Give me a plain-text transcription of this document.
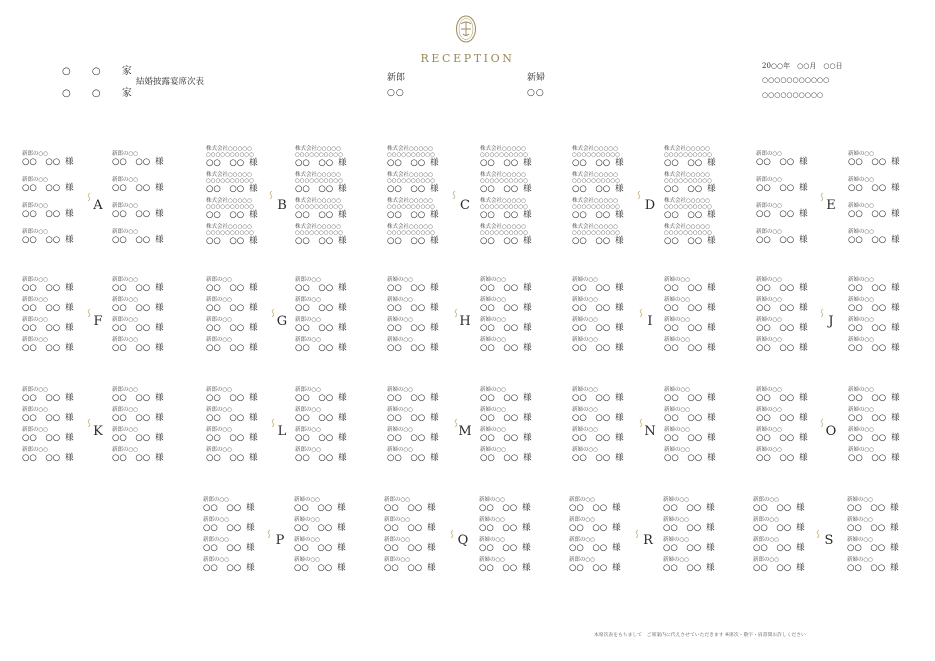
○ ○ 家
○ ○ 家
結婚披露宴席次表
RECEPTION
新郎
○○
新婦
○○
20○○年　○○月　○○日
○○○○○○○○○○○
○○○○○○○○○○
新郎の○○
○○　○○ 様
新郎の○○
○○　○○ 様
新郎の○○
○○　○○ 様
新郎の○○
○○　○○ 様
新郎の○○
○○　○○ 様
新郎の○○
○○　○○ 様
新郎の○○
○○　○○ 様
新郎の○○
○○　○○ 様
A
株式会社○○○○○
○○○○○○○○○○
○○　○○ 様
株式会社○○○○○
○○○○○○○○○○
○○　○○ 様
株式会社○○○○○
○○○○○○○○○○
○○　○○ 様
株式会社○○○○○
○○○○○○○○○○
○○　○○ 様
株式会社○○○○○
○○○○○○○○○○
○○　○○ 様
株式会社○○○○○
○○○○○○○○○○
○○　○○ 様
株式会社○○○○○
○○○○○○○○○○
○○　○○ 様
株式会社○○○○○
○○○○○○○○○○
○○　○○ 様
B
株式会社○○○○○
○○○○○○○○○○
○○　○○ 様
株式会社○○○○○
○○○○○○○○○○
○○　○○ 様
株式会社○○○○○
○○○○○○○○○○
○○　○○ 様
株式会社○○○○○
○○○○○○○○○○
○○　○○ 様
株式会社○○○○○
○○○○○○○○○○
○○　○○ 様
株式会社○○○○○
○○○○○○○○○○
○○　○○ 様
株式会社○○○○○
○○○○○○○○○○
○○　○○ 様
株式会社○○○○○
○○○○○○○○○○
○○　○○ 様
C
株式会社○○○○○
○○○○○○○○○○
○○　○○ 様
株式会社○○○○○
○○○○○○○○○○
○○　○○ 様
株式会社○○○○○
○○○○○○○○○○
○○　○○ 様
株式会社○○○○○
○○○○○○○○○○
○○　○○ 様
株式会社○○○○○
○○○○○○○○○○
○○　○○ 様
株式会社○○○○○
○○○○○○○○○○
○○　○○ 様
株式会社○○○○○
○○○○○○○○○○
○○　○○ 様
株式会社○○○○○
○○○○○○○○○○
○○　○○ 様
D
新郎の○○
○○　○○ 様
新郎の○○
○○　○○ 様
新郎の○○
○○　○○ 様
新郎の○○
○○　○○ 様
新婦の○○
○○　○○ 様
新婦の○○
○○　○○ 様
新婦の○○
○○　○○ 様
新婦の○○
○○　○○ 様
E
新郎の○○
○○　○○ 様
新郎の○○
○○　○○ 様
新郎の○○
○○　○○ 様
新郎の○○
○○　○○ 様
新郎の○○
○○　○○ 様
新郎の○○
○○　○○ 様
新郎の○○
○○　○○ 様
新郎の○○
○○　○○ 様
F
新郎の○○
○○　○○ 様
新郎の○○
○○　○○ 様
新郎の○○
○○　○○ 様
新郎の○○
○○　○○ 様
新郎の○○
○○　○○ 様
新郎の○○
○○　○○ 様
新郎の○○
○○　○○ 様
新郎の○○
○○　○○ 様
G
新婦の○○
○○　○○ 様
新婦の○○
○○　○○ 様
新婦の○○
○○　○○ 様
新婦の○○
○○　○○ 様
新婦の○○
○○　○○ 様
新婦の○○
○○　○○ 様
新婦の○○
○○　○○ 様
新婦の○○
○○　○○ 様
H
新婦の○○
○○　○○ 様
新婦の○○
○○　○○ 様
新婦の○○
○○　○○ 様
新婦の○○
○○　○○ 様
新婦の○○
○○　○○ 様
新婦の○○
○○　○○ 様
新婦の○○
○○　○○ 様
新婦の○○
○○　○○ 様
I
新婦の○○
○○　○○ 様
新婦の○○
○○　○○ 様
新婦の○○
○○　○○ 様
新婦の○○
○○　○○ 様
新婦の○○
○○　○○ 様
新婦の○○
○○　○○ 様
新婦の○○
○○　○○ 様
新婦の○○
○○　○○ 様
J
新郎の○○
○○　○○ 様
新郎の○○
○○　○○ 様
新郎の○○
○○　○○ 様
新郎の○○
○○　○○ 様
新郎の○○
○○　○○ 様
新郎の○○
○○　○○ 様
新郎の○○
○○　○○ 様
新郎の○○
○○　○○ 様
K
新郎の○○
○○　○○ 様
新郎の○○
○○　○○ 様
新郎の○○
○○　○○ 様
新郎の○○
○○　○○ 様
新郎の○○
○○　○○ 様
新郎の○○
○○　○○ 様
新郎の○○
○○　○○ 様
新郎の○○
○○　○○ 様
L
新婦の○○
○○　○○ 様
新婦の○○
○○　○○ 様
新婦の○○
○○　○○ 様
新婦の○○
○○　○○ 様
新婦の○○
○○　○○ 様
新婦の○○
○○　○○ 様
新婦の○○
○○　○○ 様
新婦の○○
○○　○○ 様
M
新婦の○○
○○　○○ 様
新婦の○○
○○　○○ 様
新婦の○○
○○　○○ 様
新婦の○○
○○　○○ 様
新婦の○○
○○　○○ 様
新婦の○○
○○　○○ 様
新婦の○○
○○　○○ 様
新婦の○○
○○　○○ 様
N
新婦の○○
○○　○○ 様
新婦の○○
○○　○○ 様
新婦の○○
○○　○○ 様
新婦の○○
○○　○○ 様
新婦の○○
○○　○○ 様
新婦の○○
○○　○○ 様
新婦の○○
○○　○○ 様
新婦の○○
○○　○○ 様
O
新郎の○○
○○　○○ 様
新郎の○○
○○　○○ 様
新郎の○○
○○　○○ 様
新郎の○○
○○　○○ 様
新婦の○○
○○　○○ 様
新婦の○○
○○　○○ 様
新婦の○○
○○　○○ 様
新婦の○○
○○　○○ 様
P
新郎の○○
○○　○○ 様
新郎の○○
○○　○○ 様
新郎の○○
○○　○○ 様
新郎の○○
○○　○○ 様
新婦の○○
○○　○○ 様
新婦の○○
○○　○○ 様
新婦の○○
○○　○○ 様
新婦の○○
○○　○○ 様
Q
新郎の○○
○○　○○ 様
新郎の○○
○○　○○ 様
新郎の○○
○○　○○ 様
新郎の○○
○○　○○ 様
新婦の○○
○○　○○ 様
新婦の○○
○○　○○ 様
新婦の○○
○○　○○ 様
新婦の○○
○○　○○ 様
R
新郎の○○
○○　○○ 様
新郎の○○
○○　○○ 様
新郎の○○
○○　○○ 様
新郎の○○
○○　○○ 様
新婦の○○
○○　○○ 様
新婦の○○
○○　○○ 様
新婦の○○
○○　○○ 様
新婦の○○
○○　○○ 様
S
本席次表をもちまして　ご席案内に代えさせていただきます ※席次・敬字・肩書間お許しください
